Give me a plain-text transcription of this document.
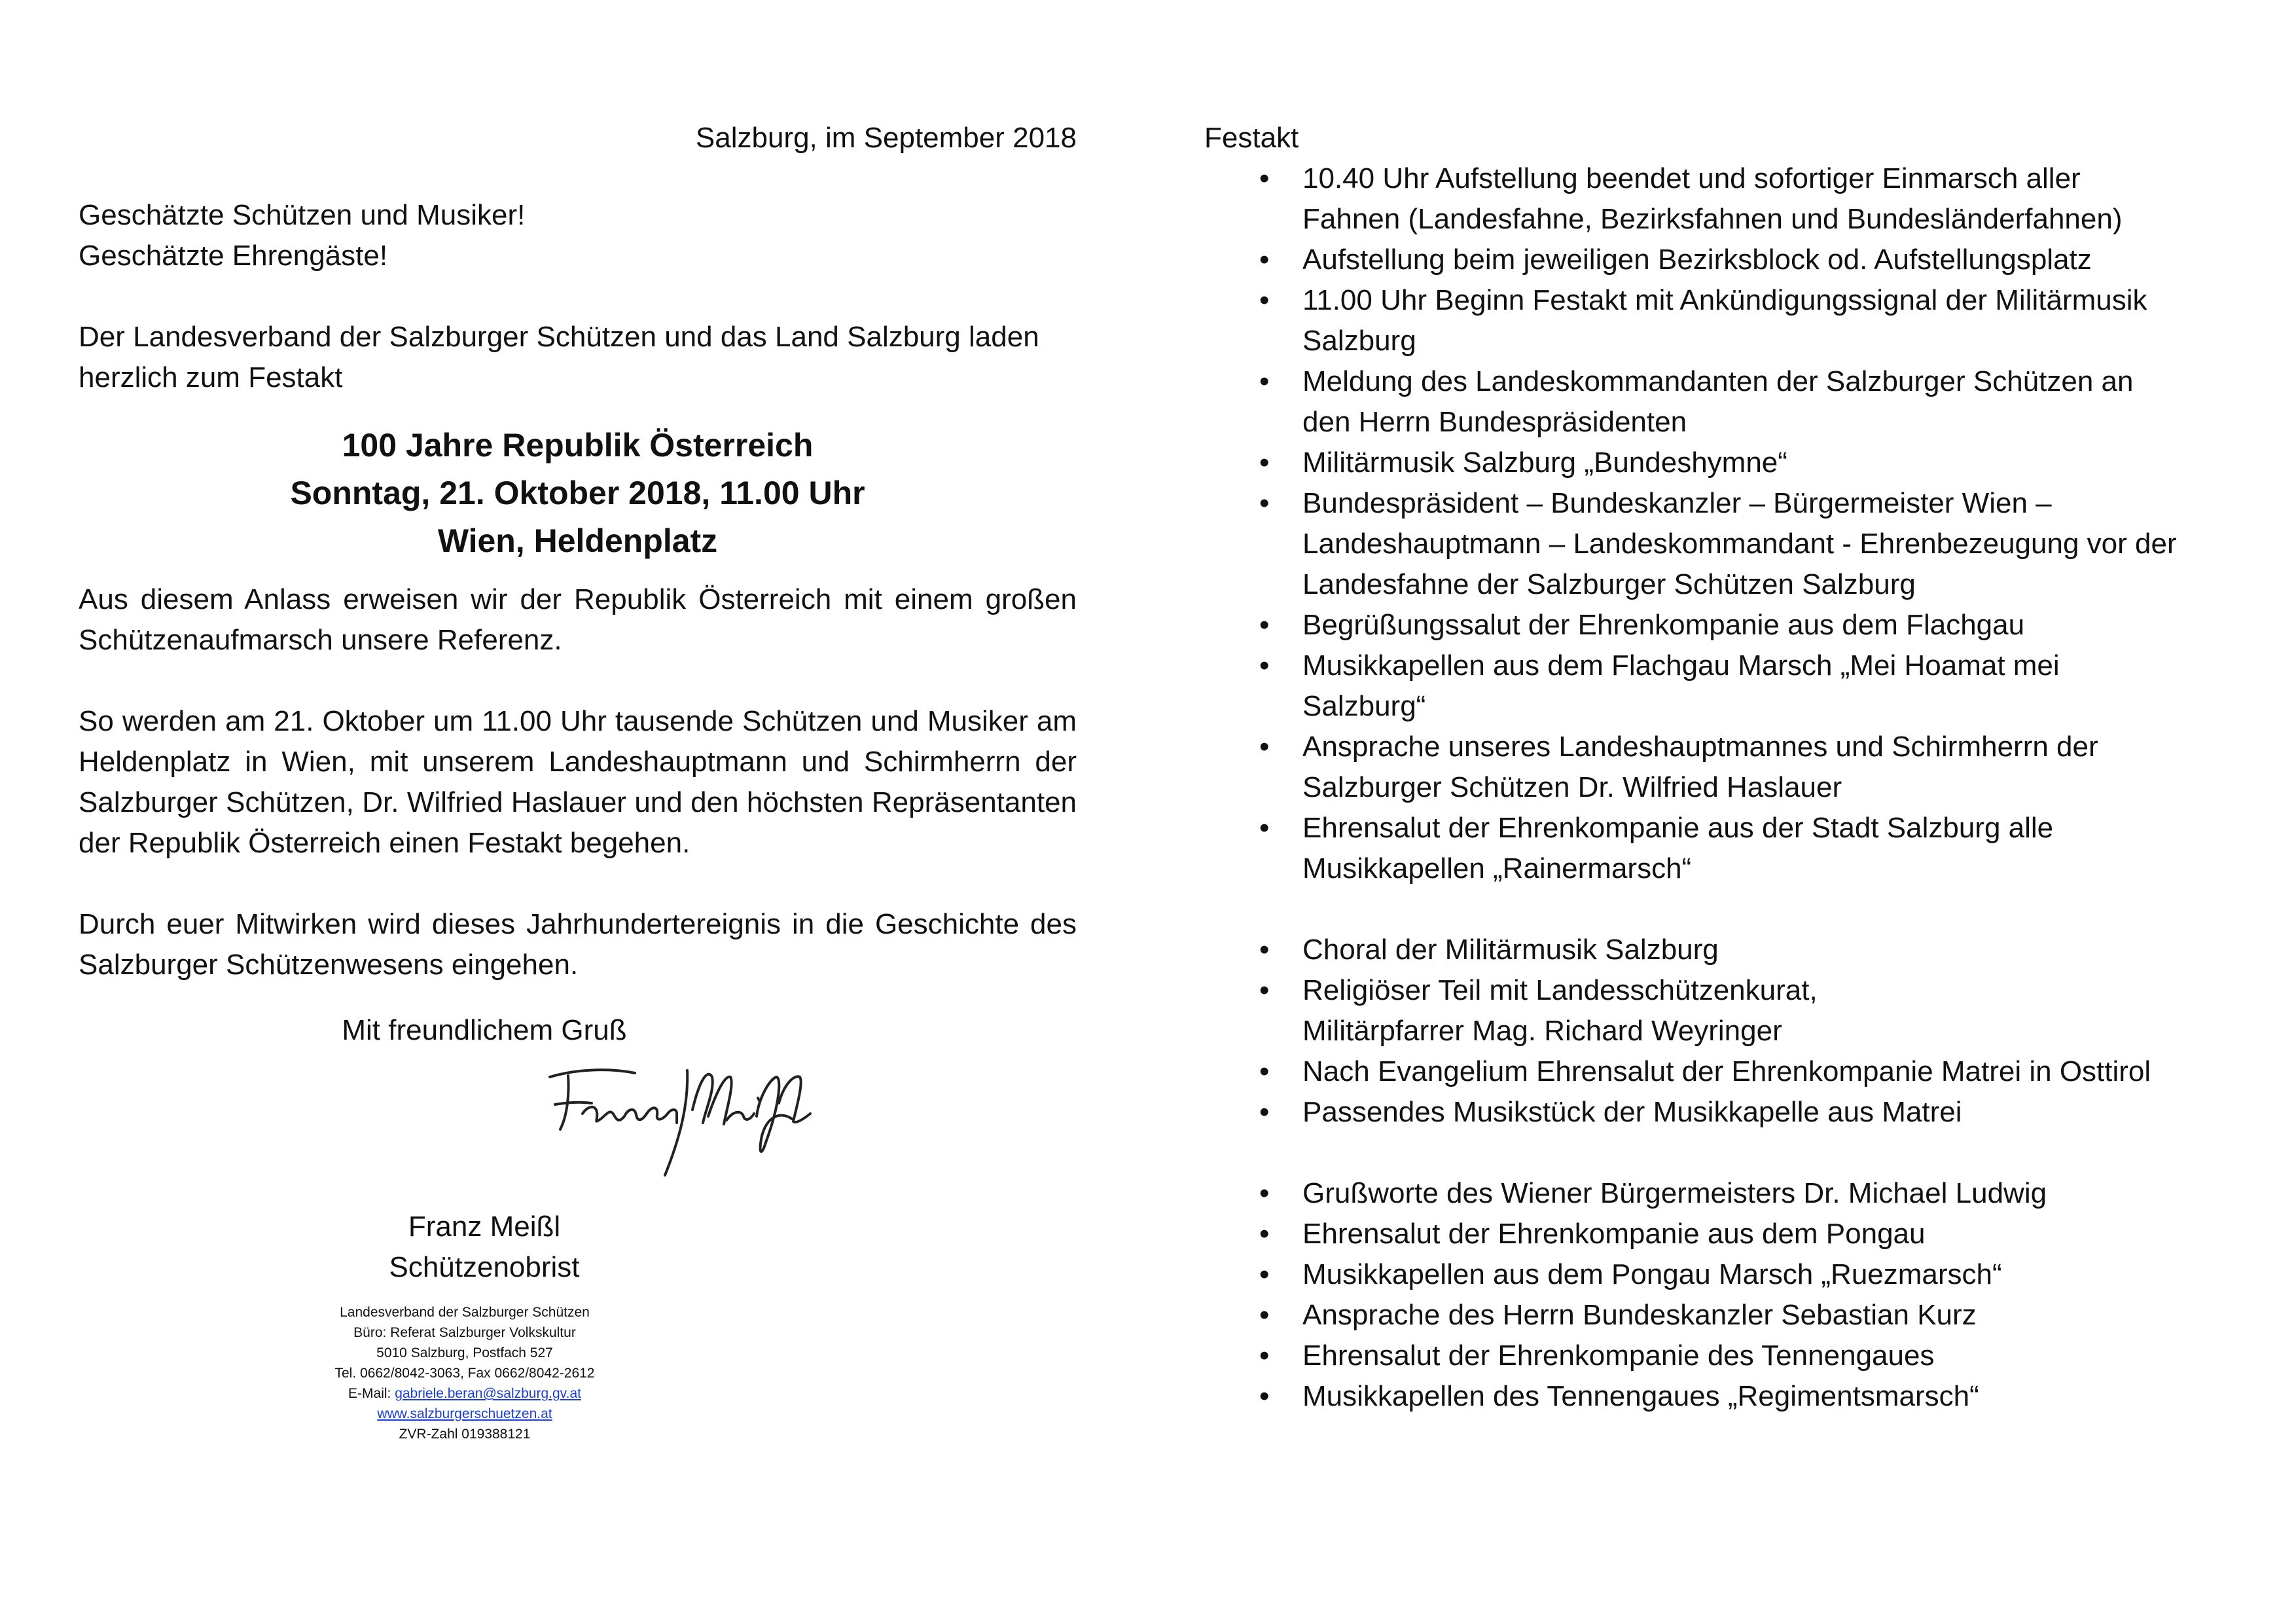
Salzburg, im September 2018

Geschätzte Schützen und Musiker!

Geschätzte Ehrengäste!

Der Landesverband der Salzburger Schützen und das Land Salzburg laden herzlich zum Festakt

100 Jahre Republik Österreich
Sonntag, 21. Oktober 2018, 11.00 Uhr
Wien, Heldenplatz

Aus diesem Anlass erweisen wir der Republik Österreich mit einem großen Schützenaufmarsch unsere Referenz.

So werden am 21. Oktober um 11.00 Uhr tausende Schützen und Musiker am Heldenplatz in Wien, mit unserem Landeshauptmann und Schirmherrn der Salzburger Schützen, Dr. Wilfried Haslauer und den höchsten Repräsentanten der Republik Österreich einen Festakt begehen.

Durch euer Mitwirken wird dieses Jahrhundertereignis in die Geschichte des Salzburger Schützenwesens eingehen.

Mit freundlichem Gruß
Franz Meißl
Schützenobrist
Landesverband der Salzburger Schützen
Büro: Referat Salzburger Volkskultur
5010 Salzburg, Postfach 527
Tel. 0662/8042-3063, Fax 0662/8042-2612
E-Mail: gabriele.beran@salzburg.gv.at
www.salzburgerschuetzen.at
ZVR-Zahl 019388121
Festakt
• 10.40 Uhr Aufstellung beendet und sofortiger Einmarsch aller
Fahnen (Landesfahne, Bezirksfahnen und Bundesländerfahnen)
• Aufstellung beim jeweiligen Bezirksblock od. Aufstellungsplatz
• 11.00 Uhr Beginn Festakt mit Ankündigungssignal der Militärmusik
Salzburg
• Meldung des Landeskommandanten der Salzburger Schützen an
den Herrn Bundespräsidenten
• Militärmusik Salzburg „Bundeshymne“
• Bundespräsident – Bundeskanzler – Bürgermeister Wien –
Landeshauptmann – Landeskommandant - Ehrenbezeugung vor der
Landesfahne der Salzburger Schützen Salzburg
• Begrüßungssalut der Ehrenkompanie aus dem Flachgau
• Musikkapellen aus dem Flachgau Marsch „Mei Hoamat mei
Salzburg“
• Ansprache unseres Landeshauptmannes und Schirmherrn der
Salzburger Schützen Dr. Wilfried Haslauer
• Ehrensalut der Ehrenkompanie aus der Stadt Salzburg alle
Musikkapellen „Rainermarsch“
• Choral der Militärmusik Salzburg
• Religiöser Teil mit Landesschützenkurat,
Militärpfarrer Mag. Richard Weyringer
• Nach Evangelium Ehrensalut der Ehrenkompanie Matrei in Osttirol
• Passendes Musikstück der Musikkapelle aus Matrei
• Grußworte des Wiener Bürgermeisters Dr. Michael Ludwig
• Ehrensalut der Ehrenkompanie aus dem Pongau
• Musikkapellen aus dem Pongau Marsch „Ruezmarsch“
• Ansprache des Herrn Bundeskanzler Sebastian Kurz
• Ehrensalut der Ehrenkompanie des Tennengaues
• Musikkapellen des Tennengaues „Regimentsmarsch“
